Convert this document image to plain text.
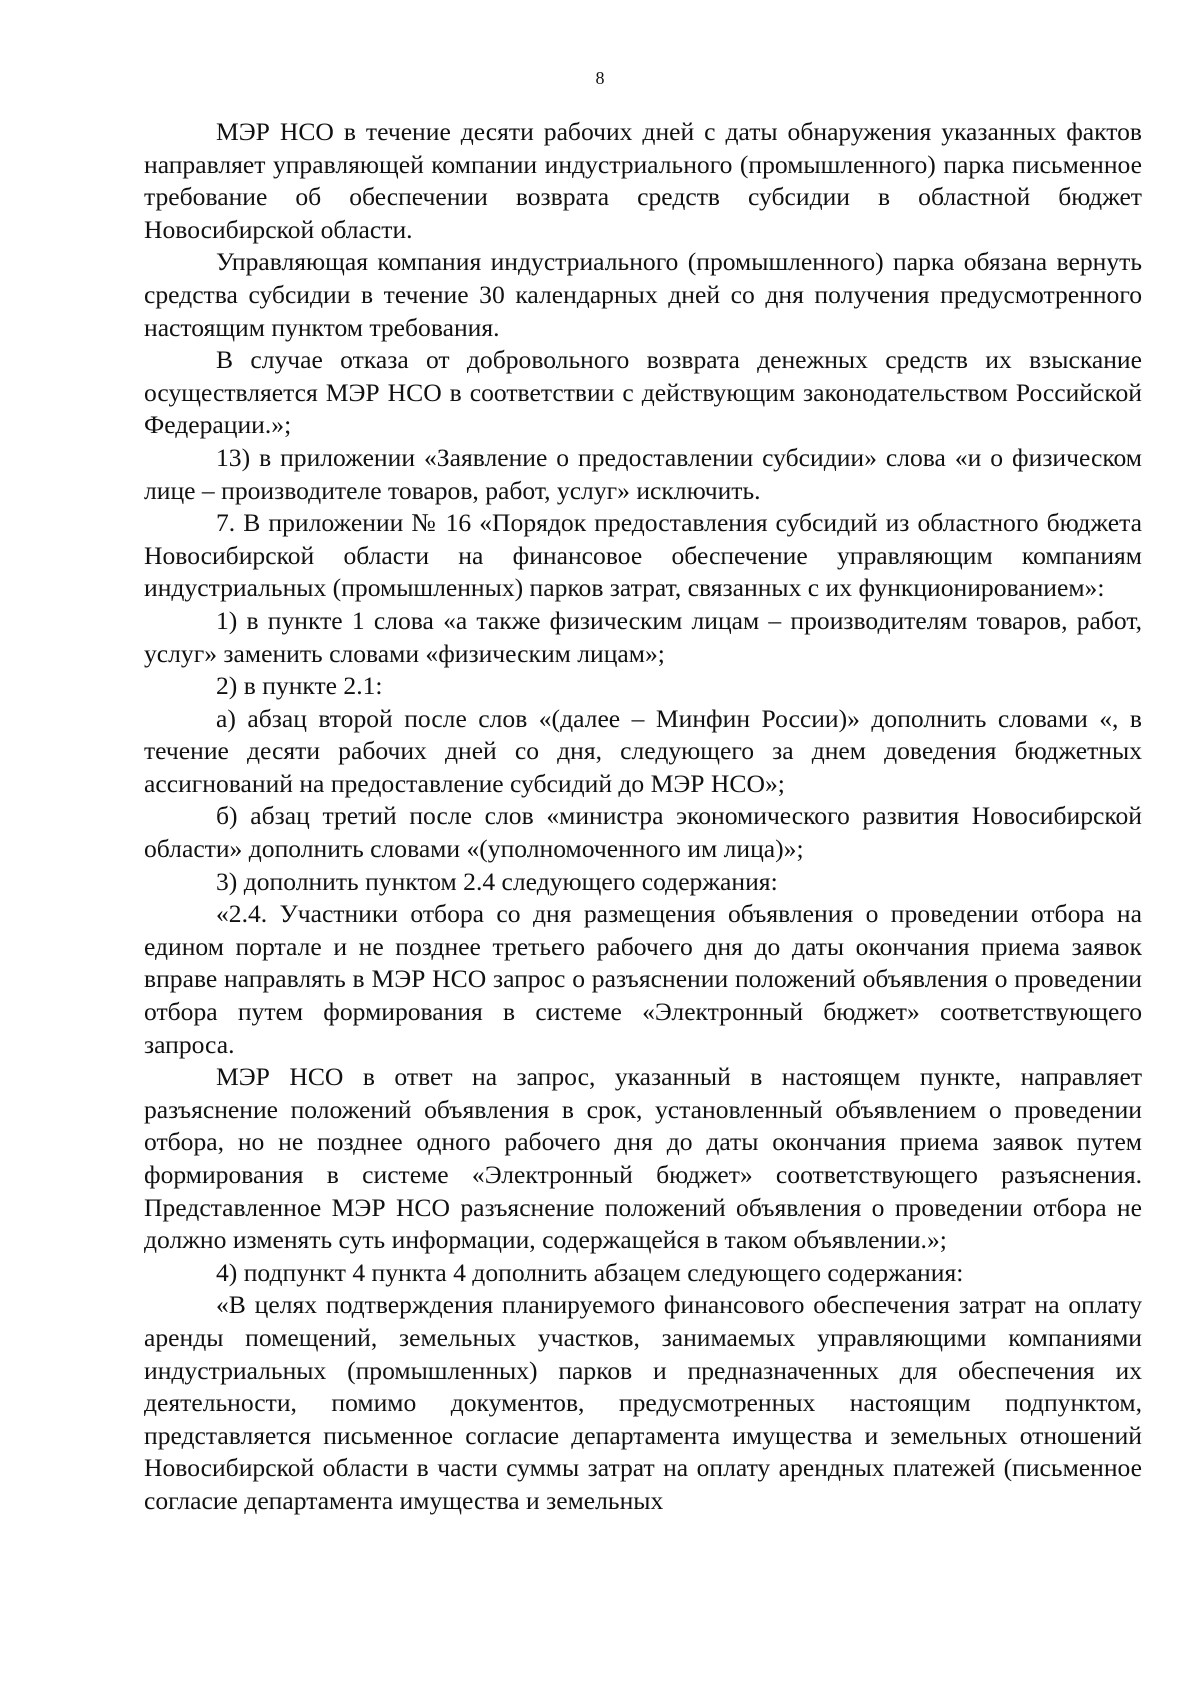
8

МЭР НСО в течение десяти рабочих дней с даты обнаружения указанных фактов направляет управляющей компании индустриального (промышленного) парка письменное требование об обеспечении возврата средств субсидии в областной бюджет Новосибирской области.

Управляющая компания индустриального (промышленного) парка обязана вернуть средства субсидии в течение 30 календарных дней со дня получения предусмотренного настоящим пунктом требования.

В случае отказа от добровольного возврата денежных средств их взыскание осуществляется МЭР НСО в соответствии с действующим законодательством Российской Федерации.»;

13) в приложении «Заявление о предоставлении субсидии» слова «и о физическом лице – производителе товаров, работ, услуг» исключить.

7. В приложении № 16 «Порядок предоставления субсидий из областного бюджета Новосибирской области на финансовое обеспечение управляющим компаниям индустриальных (промышленных) парков затрат, связанных с их функционированием»:

1) в пункте 1 слова «а также физическим лицам – производителям товаров, работ, услуг» заменить словами «физическим лицам»;

2) в пункте 2.1:

а) абзац второй после слов «(далее – Минфин России)» дополнить словами «, в течение десяти рабочих дней со дня, следующего за днем доведения бюджетных ассигнований на предоставление субсидий до МЭР НСО»;

б) абзац третий после слов «министра экономического развития Новосибирской области» дополнить словами «(уполномоченного им лица)»;

3) дополнить пунктом 2.4 следующего содержания:

«2.4. Участники отбора со дня размещения объявления о проведении отбора на едином портале и не позднее третьего рабочего дня до даты окончания приема заявок вправе направлять в МЭР НСО запрос о разъяснении положений объявления о проведении отбора путем формирования в системе «Электронный бюджет» соответствующего запроса.

МЭР НСО в ответ на запрос, указанный в настоящем пункте, направляет разъяснение положений объявления в срок, установленный объявлением о проведении отбора, но не позднее одного рабочего дня до даты окончания приема заявок путем формирования в системе «Электронный бюджет» соответствующего разъяснения. Представленное МЭР НСО разъяснение положений объявления о проведении отбора не должно изменять суть информации, содержащейся в таком объявлении.»;

4) подпункт 4 пункта 4 дополнить абзацем следующего содержания:

«В целях подтверждения планируемого финансового обеспечения затрат на оплату аренды помещений, земельных участков, занимаемых управляющими компаниями индустриальных (промышленных) парков и предназначенных для обеспечения их деятельности, помимо документов, предусмотренных настоящим подпунктом, представляется письменное согласие департамента имущества и земельных отношений Новосибирской области в части суммы затрат на оплату арендных платежей (письменное согласие департамента имущества и земельных
